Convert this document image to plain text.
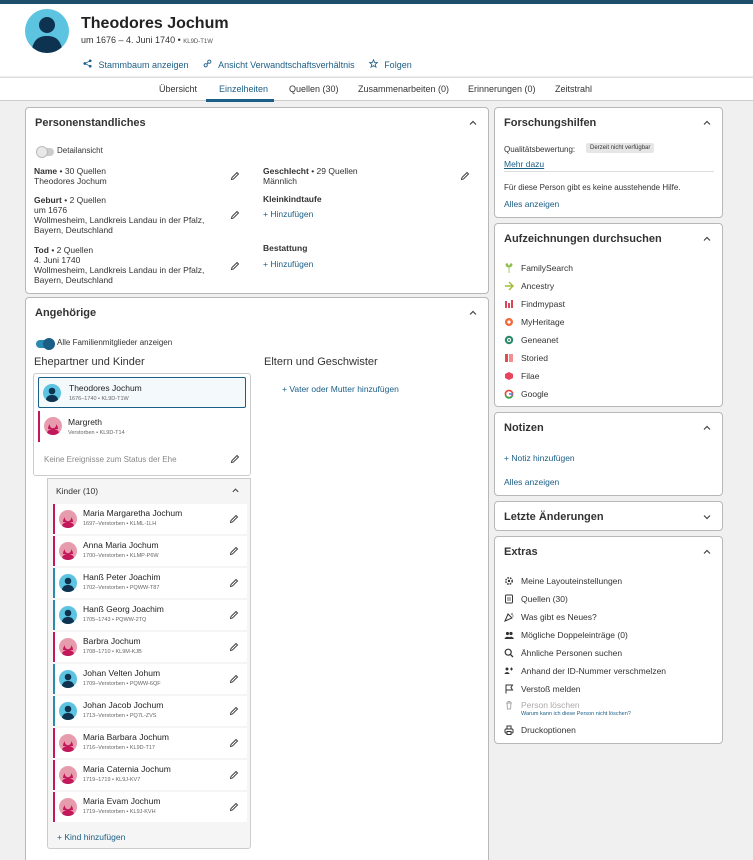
Theodores Jochum
um 1676 – 4. Juni 1740 • KL9D-T1W
Stammbaum anzeigen	Ansicht Verwandtschaftsverhältnis	Folgen
Übersicht Einzelheiten Quellen (30) Zusammenarbeiten (0) Erinnerungen (0) Zeitstrahl
Personenstandliches
Detailansicht
Name • 30 Quellen
Theodores Jochum
Geburt • 2 Quellen
um 1676
Wollmesheim, Landkreis Landau in der Pfalz,
Bayern, Deutschland
Tod • 2 Quellen
4. Juni 1740
Wollmesheim, Landkreis Landau in der Pfalz,
Bayern, Deutschland
Geschlecht • 29 Quellen
Männlich
Kleinkindtaufe
+ Hinzufügen
Bestattung
+ Hinzufügen
Angehörige
Alle Familienmitglieder anzeigen
Ehepartner und Kinder	Eltern und Geschwister
+ Vater oder Mutter hinzufügen
Theodores Jochum
1676–1740 • KL9D-T1W
Margreth
Verstorben • KL9D-T14
Keine Ereignisse zum Status der Ehe
Kinder (10)
Maria Margaretha Jochum
1697–Verstorben • KLML-1LH
Anna Maria Jochum
1700–Verstorben • KLMP-P6W
Hanß Peter Joachim
1702–Verstorben • PQWW-T87
Hanß Georg Joachim
1705–1743 • PQWW-2TQ
Barbra Jochum
1708–1710 • KL9M-KJB
Johan Velten Johum
1709–Verstorben • PQWW-6QF
Johan Jacob Jochum
1713–Verstorben • PQ7L-ZVS
Maria Barbara Jochum
1716–Verstorben • KL9D-T17
Maria Caternia Jochum
1719–1719 • KL9J-KV7
Maria Evam Jochum
1719–Verstorben • KL9J-KVH
+ Kind hinzufügen
Forschungshilfen
Qualitätsbewertung:	Derzeit nicht verfügbar
Mehr dazu
Für diese Person gibt es keine ausstehende Hilfe.
Alles anzeigen
Aufzeichnungen durchsuchen
FamilySearch
Ancestry
Findmypast
MyHeritage
Geneanet
Storied
Filae
Google
Notizen
+ Notiz hinzufügen
Alles anzeigen
Letzte Änderungen
Extras
Meine Layouteinstellungen
Quellen (30)
Was gibt es Neues?
Mögliche Doppeleinträge (0)
Ähnliche Personen suchen
Anhand der ID-Nummer verschmelzen
Verstoß melden
Person löschen
Druckoptionen
Warum kann ich diese Person nicht löschen?
